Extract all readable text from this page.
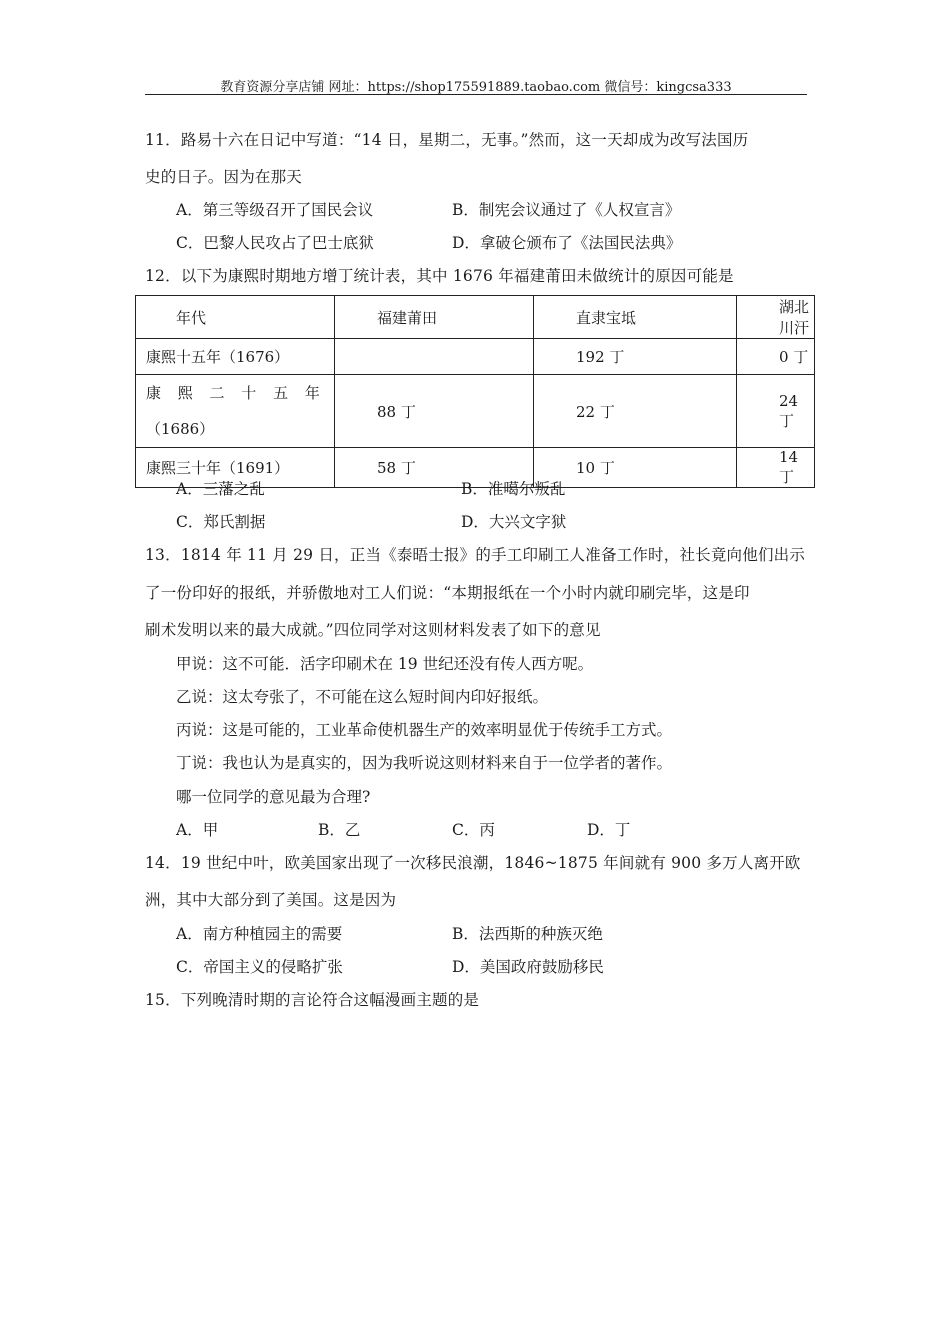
教育资源分享店铺 网址：https://shop175591889.taobao.com 微信号：kingcsa333
11．路易十六在日记中写道：“14 日，星期二，无事。”然而，这一天却成为改写法国历
史的日子。因为在那天
A．第三等级召开了国民会议	B．制宪会议通过了《人权宣言》
C．巴黎人民攻占了巴士底狱	D．拿破仑颁布了《法国民法典》
12．以下为康熙时期地方增丁统计表，其中 1676 年福建莆田未做统计的原因可能是
年代	福建莆田	直隶宝坻	湖北川汗
康熙十五年（1676）		192 丁	0 丁

康 熙 二 十 五 年
（1686）	88 丁	22 丁	24 丁
康熙三十年（1691）	58 丁	10 丁	14 丁
A．三藩之乱	B．准噶尔叛乱
C．郑氏割据	D．大兴文字狱
13．1814 年 11 月 29 日，正当《泰晤士报》的手工印刷工人准备工作时，社长竟向他们出示
了一份印好的报纸，并骄傲地对工人们说：“本期报纸在一个小时内就印刷完毕，这是印
刷术发明以来的最大成就。”四位同学对这则材料发表了如下的意见
甲说：这不可能．活字印刷术在 19 世纪还没有传人西方呢。
乙说：这太夸张了，不可能在这么短时间内印好报纸。
丙说：这是可能的，工业革命使机器生产的效率明显优于传统手工方式。
丁说：我也认为是真实的，因为我听说这则材料来自于一位学者的著作。
哪一位同学的意见最为合理?
A．甲	B．乙	C．丙	D．丁
14．19 世纪中叶，欧美国家出现了一次移民浪潮，1846~1875 年间就有 900 多万人离开欧
洲，其中大部分到了美国。这是因为
A．南方种植园主的需要	B．法西斯的种族灭绝
C．帝国主义的侵略扩张	D．美国政府鼓励移民
15．下列晚清时期的言论符合这幅漫画主题的是
